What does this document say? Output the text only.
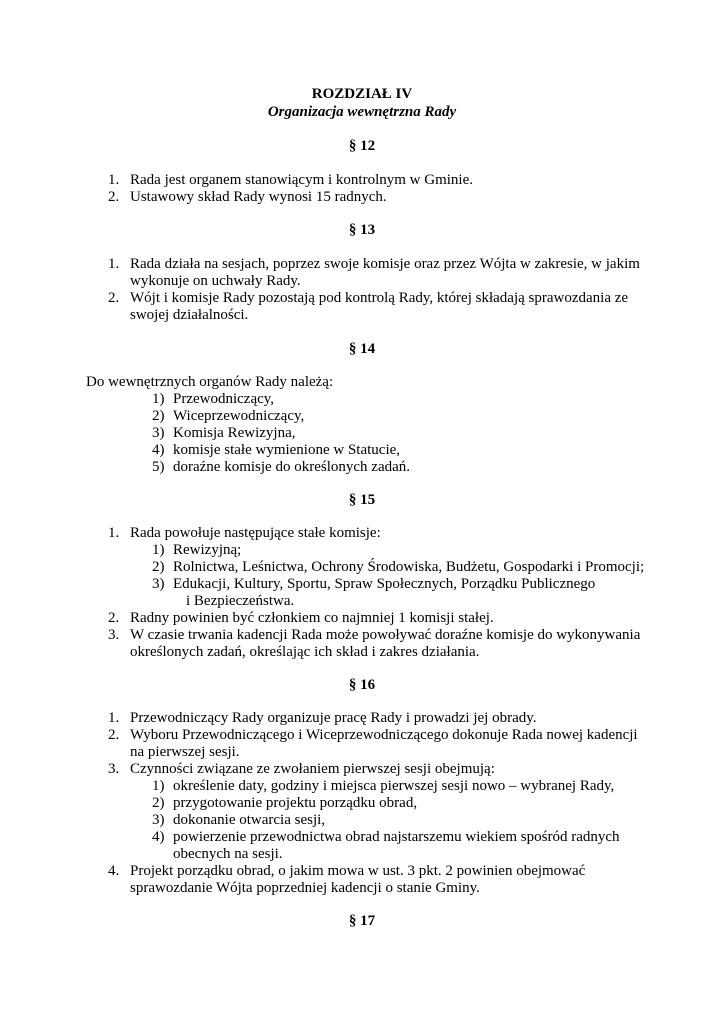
ROZDZIAŁ IV
Organizacja wewnętrzna Rady
§ 12
1. Rada jest organem stanowiącym i kontrolnym w Gminie.
2. Ustawowy skład Rady wynosi 15 radnych.
§ 13
1. Rada działa na sesjach, poprzez swoje komisje oraz przez Wójta w zakresie, w jakim
wykonuje on uchwały Rady.
2. Wójt i komisje Rady pozostają pod kontrolą Rady, której składają sprawozdania ze
swojej działalności.
§ 14
Do wewnętrznych organów Rady należą:
1) Przewodniczący,
2) Wiceprzewodniczący,
3) Komisja Rewizyjna,
4) komisje stałe wymienione w Statucie,
5) doraźne komisje do określonych zadań.
§ 15
1. Rada powołuje następujące stałe komisje:
1) Rewizyjną;
2) Rolnictwa, Leśnictwa, Ochrony Środowiska, Budżetu, Gospodarki i Promocji;
3) Edukacji, Kultury, Sportu, Spraw Społecznych, Porządku Publicznego
i Bezpieczeństwa.
2. Radny powinien być członkiem co najmniej 1 komisji stałej.
3. W czasie trwania kadencji Rada może powoływać doraźne komisje do wykonywania
określonych zadań, określając ich skład i zakres działania.
§ 16
1. Przewodniczący Rady organizuje pracę Rady i prowadzi jej obrady.
2. Wyboru Przewodniczącego i Wiceprzewodniczącego dokonuje Rada nowej kadencji
na pierwszej sesji.
3. Czynności związane ze zwołaniem pierwszej sesji obejmują:
1) określenie daty, godziny i miejsca pierwszej sesji nowo – wybranej Rady,
2) przygotowanie projektu porządku obrad,
3) dokonanie otwarcia sesji,
4) powierzenie przewodnictwa obrad najstarszemu wiekiem spośród radnych
obecnych na sesji.
4. Projekt porządku obrad, o jakim mowa w ust. 3 pkt. 2 powinien obejmować
sprawozdanie Wójta poprzedniej kadencji o stanie Gminy.
§ 17
